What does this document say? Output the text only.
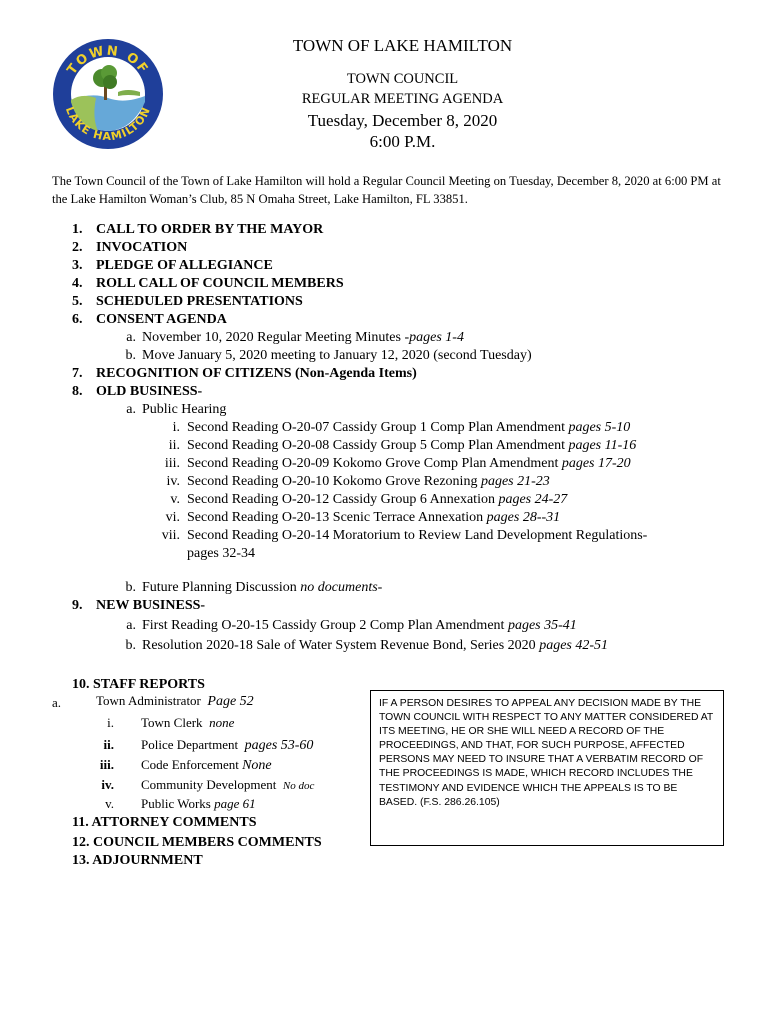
TOWN OF
LAKE HAMILTON
TOWN OF LAKE HAMILTON
TOWN COUNCIL
REGULAR MEETING AGENDA
Tuesday, December 8, 2020
6:00 P.M.
The Town Council of the Town of Lake Hamilton will hold a Regular Council Meeting on Tuesday, December 8, 2020 at 6:00 PM at the Lake Hamilton Woman’s Club, 85 N Omaha Street, Lake Hamilton, FL 33851.
1. CALL TO ORDER BY THE MAYOR
2. INVOCATION
3. PLEDGE OF ALLEGIANCE
4. ROLL CALL OF COUNCIL MEMBERS
5. SCHEDULED PRESENTATIONS
6. CONSENT AGENDA
a. November 10, 2020 Regular Meeting Minutes -pages 1-4
b. Move January 5, 2020 meeting to January 12, 2020 (second Tuesday)
7. RECOGNITION OF CITIZENS (Non-Agenda Items)
8. OLD BUSINESS-
a. Public Hearing
i. Second Reading O-20-07 Cassidy Group 1 Comp Plan Amendment pages 5-10
ii. Second Reading O-20-08 Cassidy Group 5 Comp Plan Amendment pages 11-16
iii. Second Reading O-20-09 Kokomo Grove Comp Plan Amendment pages 17-20
iv. Second Reading O-20-10 Kokomo Grove Rezoning pages 21-23
v. Second Reading O-20-12 Cassidy Group 6 Annexation pages 24-27
vi. Second Reading O-20-13 Scenic Terrace Annexation pages 28--31
vii. Second Reading O-20-14 Moratorium to Review Land Development Regulations-
pages 32-34
b. Future Planning Discussion no documents-
9. NEW BUSINESS-
a. First Reading O-20-15 Cassidy Group 2 Comp Plan Amendment pages 35-41
b. Resolution 2020-18 Sale of Water System Revenue Bond, Series 2020 pages 42-51
10. STAFF REPORTS
a.	Town Administrator Page 52
i. Town Clerk none
ii. Police Department pages 53-60
iii. Code Enforcement None
iv. Community Development No doc
v. Public Works page 61
11. ATTORNEY COMMENTS
12. COUNCIL MEMBERS COMMENTS
13. ADJOURNMENT
IF A PERSON DESIRES TO APPEAL ANY DECISION MADE BY THE TOWN COUNCIL WITH RESPECT TO ANY MATTER CONSIDERED AT ITS MEETING, HE OR SHE WILL NEED A RECORD OF THE PROCEEDINGS, AND THAT, FOR SUCH PURPOSE, AFFECTED PERSONS MAY NEED TO INSURE THAT A VERBATIM RECORD OF THE PROCEEDINGS IS MADE, WHICH RECORD INCLUDES THE TESTIMONY AND EVIDENCE WHICH THE APPEALS IS TO BE BASED. (F.S. 286.26.105)
